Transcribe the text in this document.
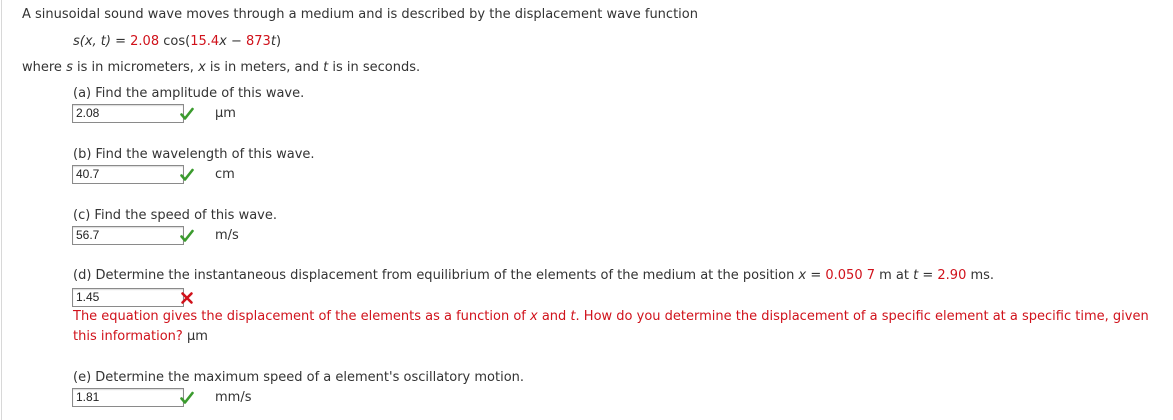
A sinusoidal sound wave moves through a medium and is described by the displacement wave function
s(x, t) = 2.08 cos(15.4x − 873t)
where s is in micrometers, x is in meters, and t is in seconds.
(a) Find the amplitude of this wave.
2.08
μm
(b) Find the wavelength of this wave.
40.7
cm
(c) Find the speed of this wave.
56.7
m/s
(d) Determine the instantaneous displacement from equilibrium of the elements of the medium at the position x = 0.050 7 m at t = 2.90 ms.
1.45
The equation gives the displacement of the elements as a function of x and t. How do you determine the displacement of a specific element at a specific time, given this information? μm
(e) Determine the maximum speed of a element's oscillatory motion.
1.81
mm/s
